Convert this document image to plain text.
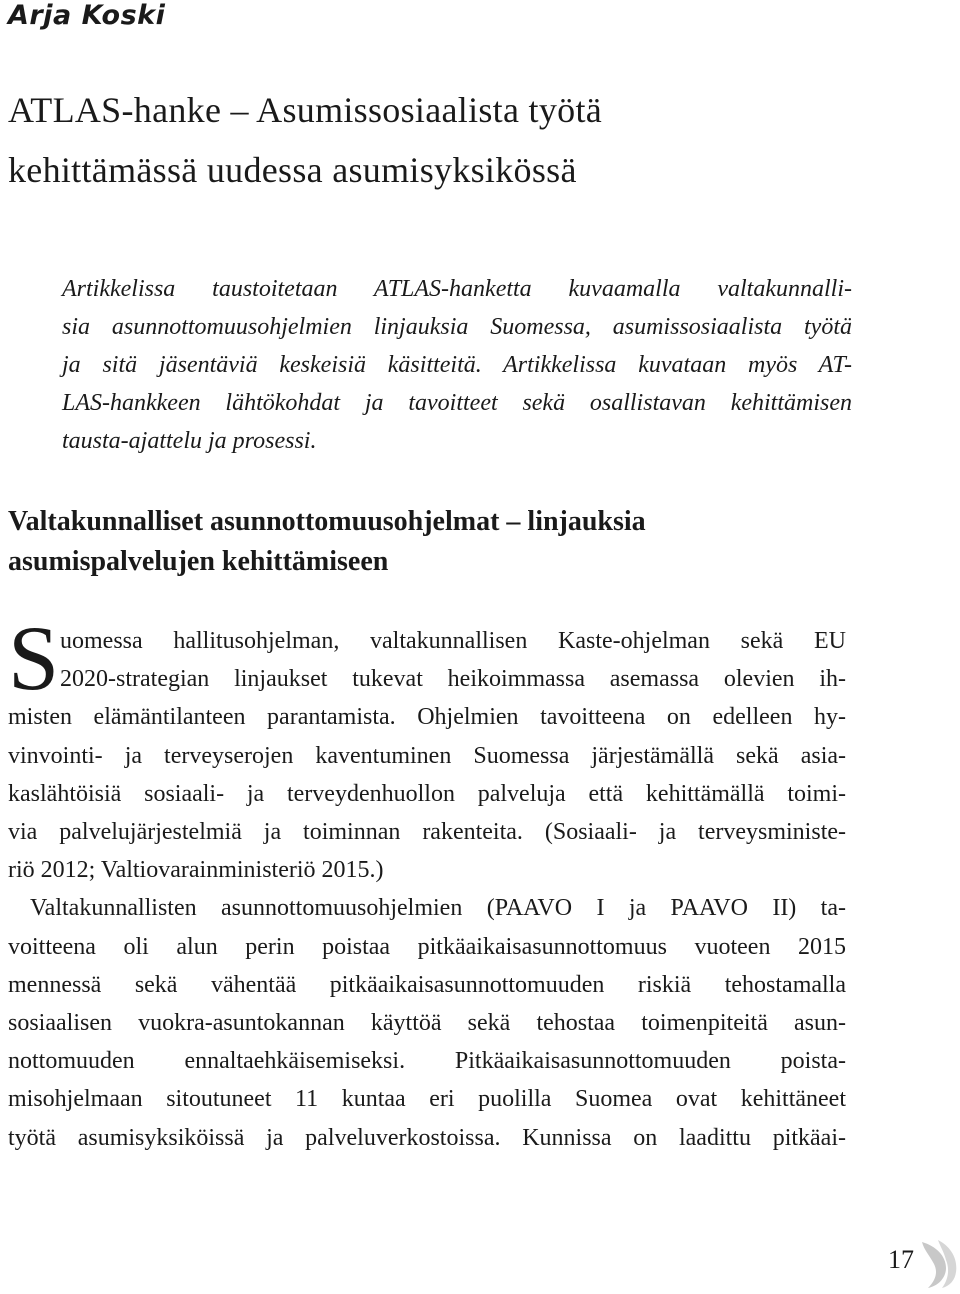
Arja Koski
ATLAS-hanke – Asumissosiaalista työtä
kehittämässä uudessa asumisyksikössä
Artikkelissa taustoitetaan ATLAS-hanketta kuvaamalla valtakunnalli-
sia asunnottomuusohjelmien linjauksia Suomessa, asumissosiaalista työtä
ja sitä jäsentäviä keskeisiä käsitteitä. Artikkelissa kuvataan myös AT-
LAS-hankkeen lähtökohdat ja tavoitteet sekä osallistavan kehittämisen
tausta-ajattelu ja prosessi.
Valtakunnalliset asunnottomuusohjelmat – linjauksia
asumispalvelujen kehittämiseen
S uomessa hallitusohjelman, valtakunnallisen Kaste-ohjelman sekä EU
2020-strategian linjaukset tukevat heikoimmassa asemassa olevien ih-
misten elämäntilanteen parantamista. Ohjelmien tavoitteena on edelleen hy-
vinvointi- ja terveyserojen kaventuminen Suomessa järjestämällä sekä asia-
kaslähtöisiä sosiaali- ja terveydenhuollon palveluja että kehittämällä toimi-
via palvelujärjestelmiä ja toiminnan rakenteita. (Sosiaali- ja terveysministe-
riö 2012; Valtiovarainministeriö 2015.)
Valtakunnallisten asunnottomuusohjelmien (PAAVO I ja PAAVO II) ta-
voitteena oli alun perin poistaa pitkäaikaisasunnottomuus vuoteen 2015
mennessä sekä vähentää pitkäaikaisasunnottomuuden riskiä tehostamalla
sosiaalisen vuokra-asuntokannan käyttöä sekä tehostaa toimenpiteitä asun-
nottomuuden ennaltaehkäisemiseksi. Pitkäaikaisasunnottomuuden poista-
misohjelmaan sitoutuneet 11 kuntaa eri puolilla Suomea ovat kehittäneet
työtä asumisyksiköissä ja palveluverkostoissa. Kunnissa on laadittu pitkäai-
17
